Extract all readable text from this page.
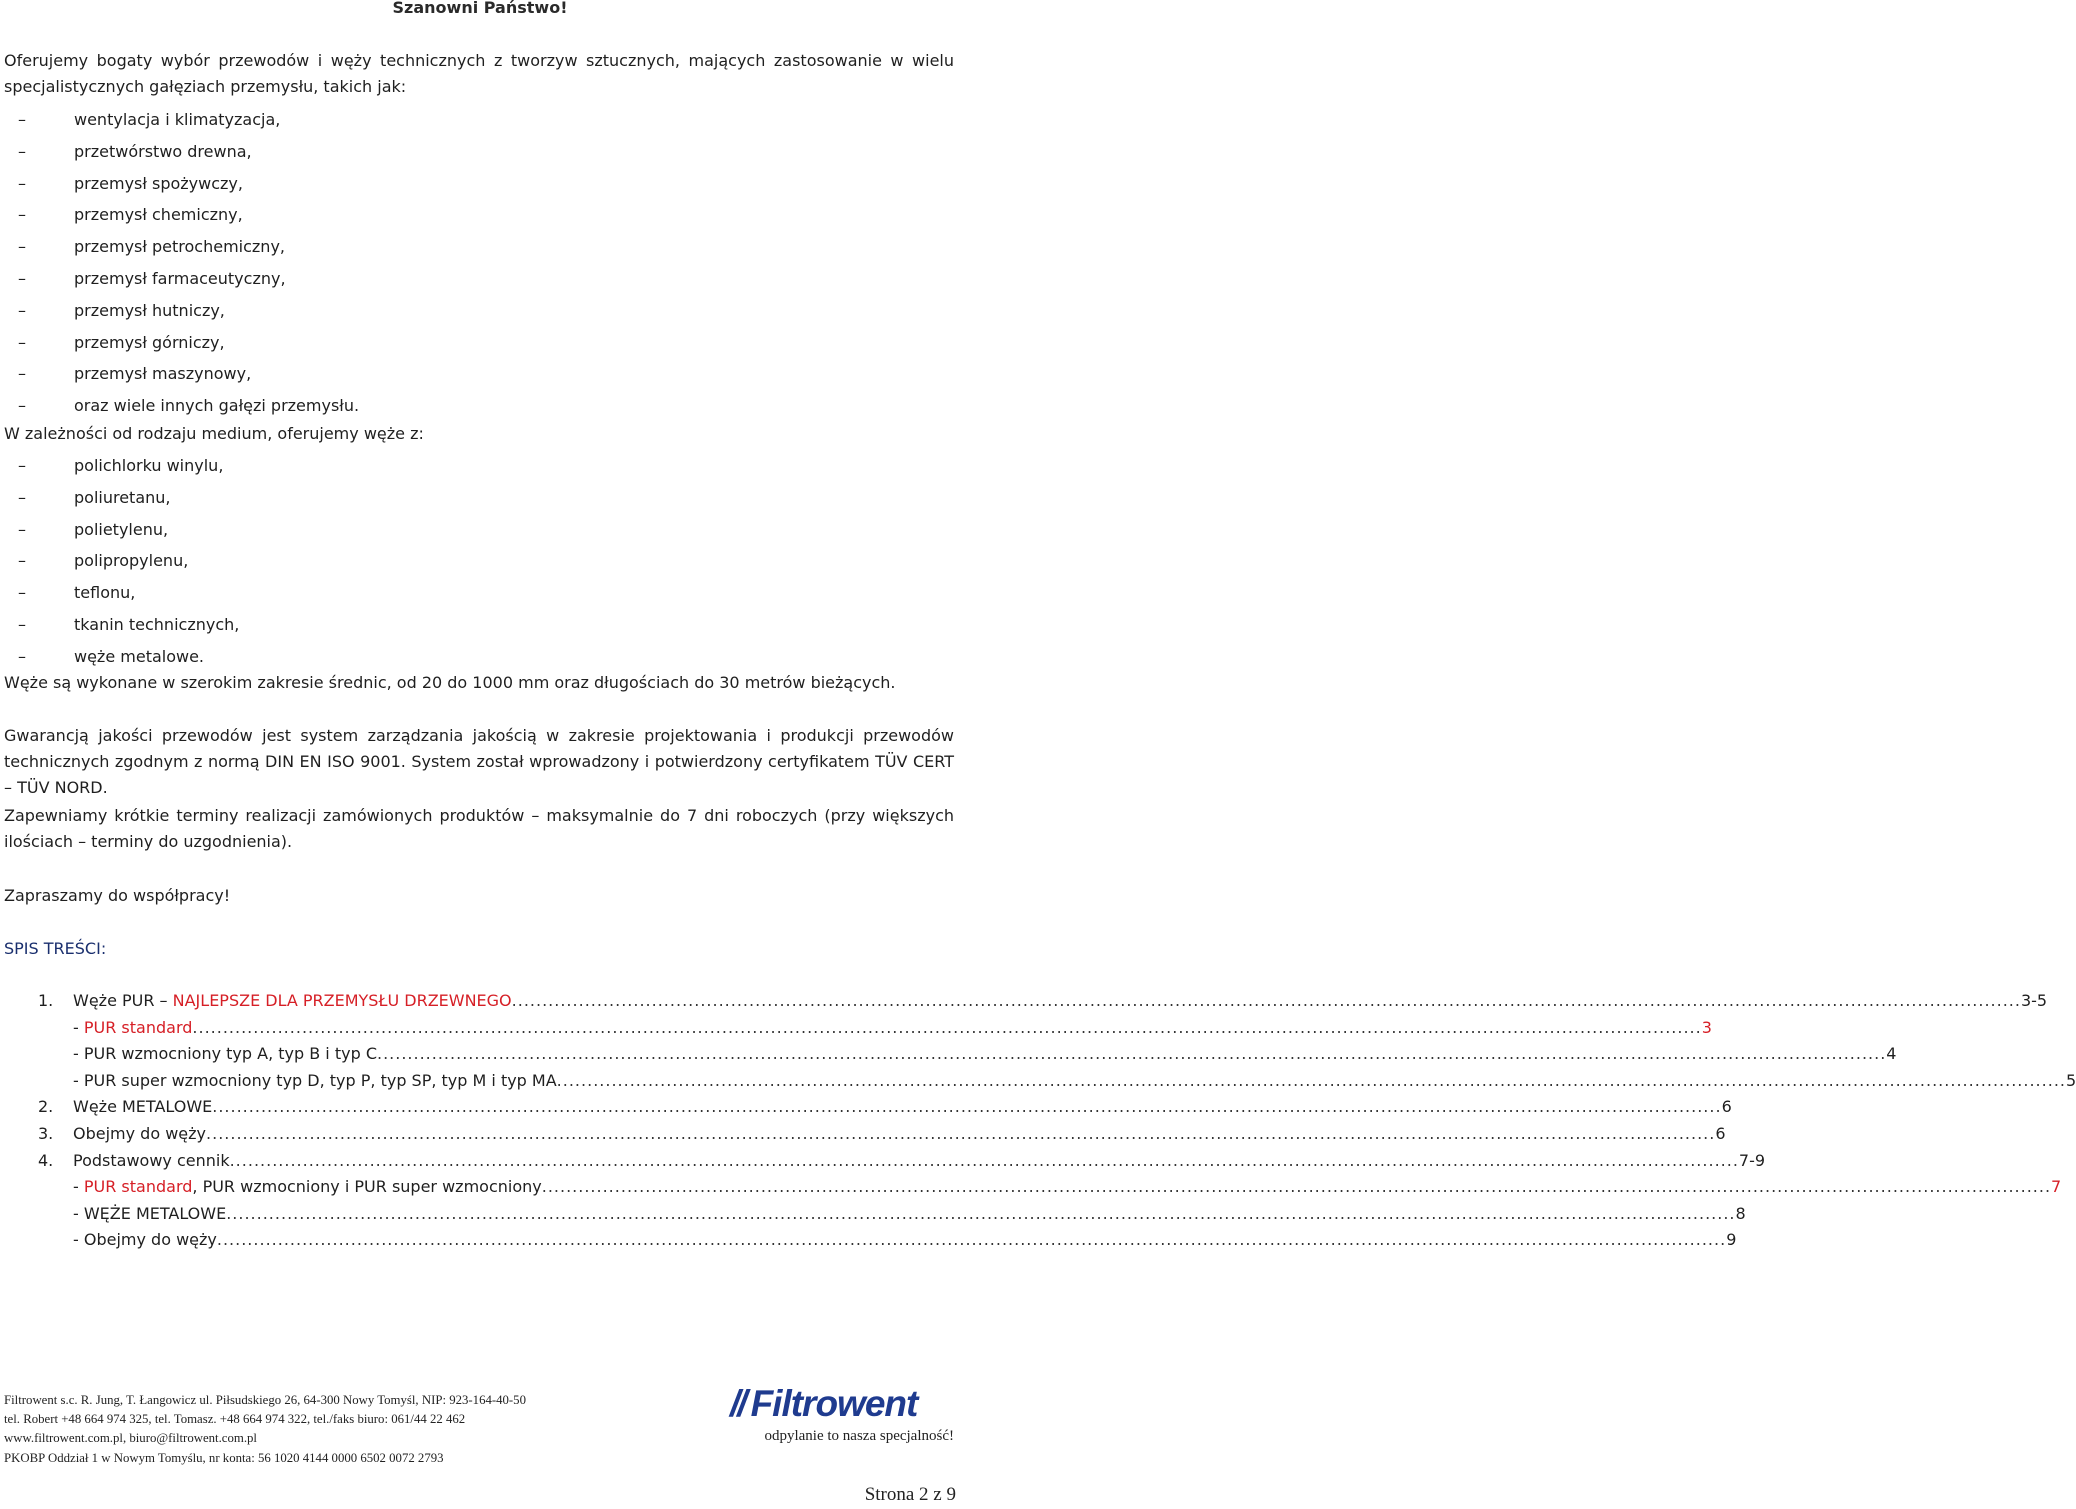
Szanowni Państwo!
Oferujemy bogaty wybór przewodów i węży technicznych z tworzyw sztucznych, mających zastosowanie w wielu specjalistycznych gałęziach przemysłu, takich jak:
–	wentylacja i klimatyzacja,
–	przetwórstwo drewna,
–	przemysł spożywczy,
–	przemysł chemiczny,
–	przemysł petrochemiczny,
–	przemysł farmaceutyczny,
–	przemysł hutniczy,
–	przemysł górniczy,
–	przemysł maszynowy,
–	oraz wiele innych gałęzi przemysłu.
W zależności od rodzaju medium, oferujemy węże z:
–	polichlorku winylu,
–	poliuretanu,
–	polietylenu,
–	polipropylenu,
–	teflonu,
–	tkanin technicznych,
–	węże metalowe.
Węże są wykonane w szerokim zakresie średnic, od 20 do 1000 mm oraz długościach do 30 metrów bieżących.
Gwarancją jakości przewodów jest system zarządzania jakością w zakresie projektowania i produkcji przewodów technicznych zgodnym z normą DIN EN ISO 9001. System został wprowadzony i potwierdzony certyfikatem TÜV CERT – TÜV NORD.
Zapewniamy krótkie terminy realizacji zamówionych produktów – maksymalnie do 7 dni roboczych (przy większych ilościach – terminy do uzgodnienia).
Zapraszamy do współpracy!
SPIS TREŚCI:
1.	Węże PUR – NAJLEPSZE DLA PRZEMYSŁU DRZEWNEGO ........................................................................................................................................................................................................................................................ 3-5
- PUR standard ........................................................................................................................................................................................................................................................ 3
- PUR wzmocniony typ A, typ B i typ C ........................................................................................................................................................................................................................................................ 4
- PUR super wzmocniony typ D, typ P, typ SP, typ M i typ MA ........................................................................................................................................................................................................................................................ 5
2.	Węże METALOWE ........................................................................................................................................................................................................................................................ 6
3.	Obejmy do węży ........................................................................................................................................................................................................................................................ 6
4.	Podstawowy cennik ........................................................................................................................................................................................................................................................ 7-9
- PUR standard, PUR wzmocniony i PUR super wzmocniony ........................................................................................................................................................................................................................................................ 7
- WĘŻE METALOWE ........................................................................................................................................................................................................................................................ 8
- Obejmy do węży ........................................................................................................................................................................................................................................................ 9
Filtrowent s.c. R. Jung, T. Łangowicz ul. Piłsudskiego 26, 64-300 Nowy Tomyśl, NIP: 923-164-40-50
tel. Robert +48 664 974 325, tel. Tomasz. +48 664 974 322, tel./faks biuro: 061/44 22 462
www.filtrowent.com.pl, biuro@filtrowent.com.pl
PKOBP Oddział 1 w Nowym Tomyślu, nr konta: 56 1020 4144 0000 6502 0072 2793
// Filtrowent
odpylanie to nasza specjalność!
Strona 2 z 9
